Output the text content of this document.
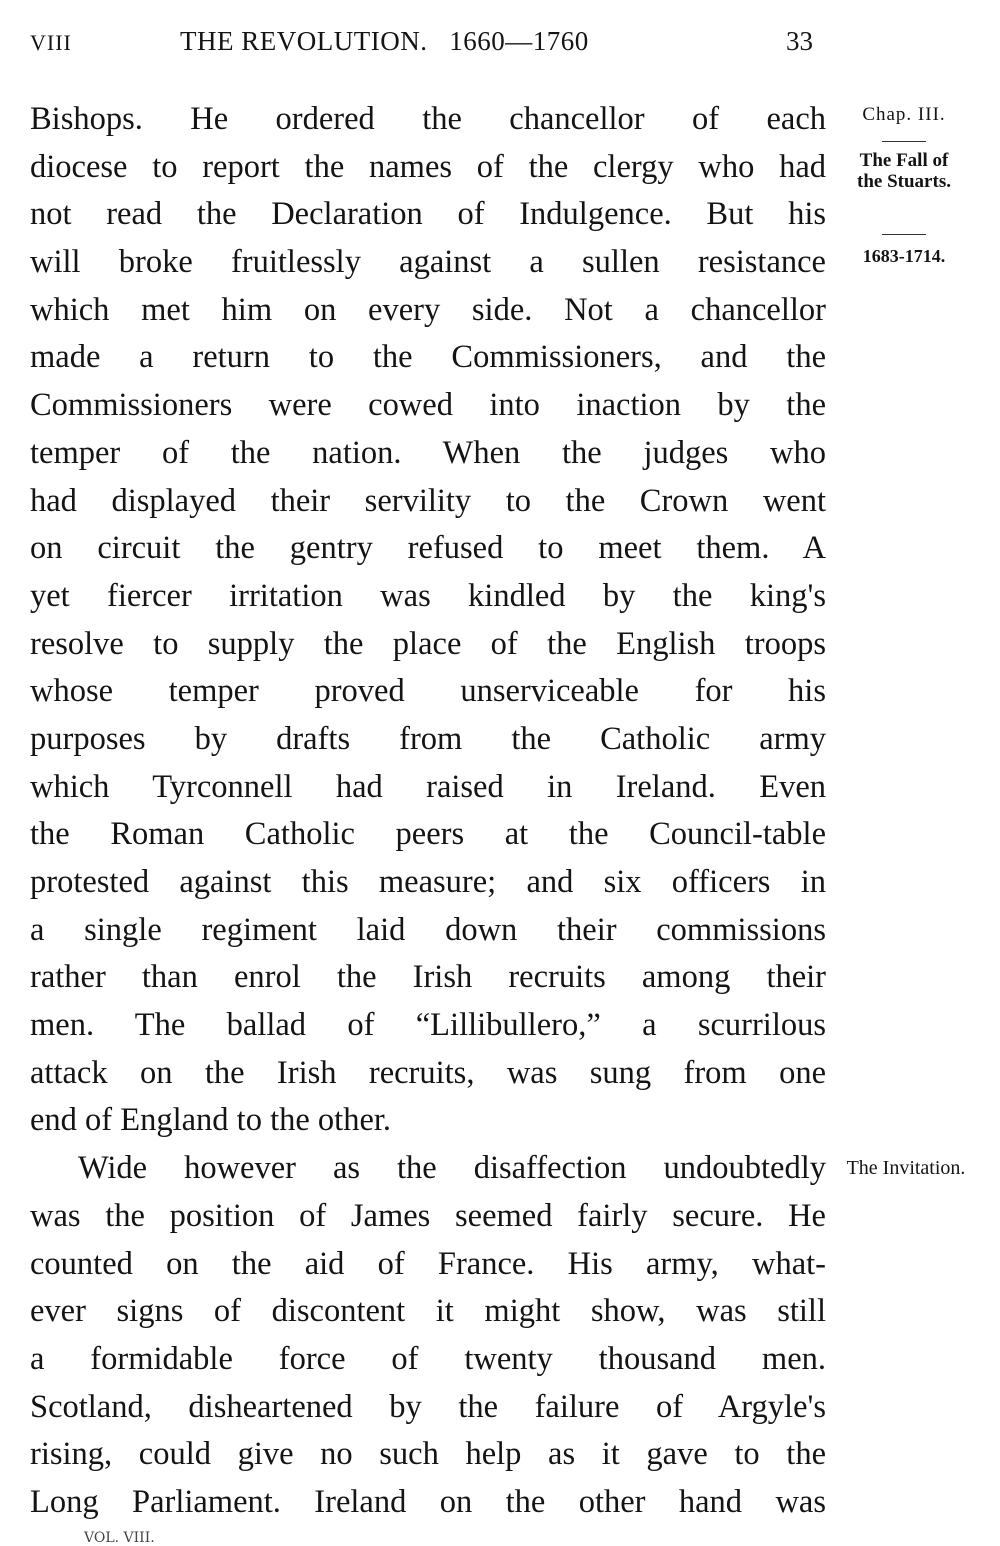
VIII	THE REVOLUTION.   1660—1760	33
Bishops. He ordered the chancellor of each
diocese to report the names of the clergy who had
not read the Declaration of Indulgence. But his
will broke fruitlessly against a sullen resistance
which met him on every side. Not a chancellor
made a return to the Commissioners, and the
Commissioners were cowed into inaction by the
temper of the nation. When the judges who
had displayed their servility to the Crown went
on circuit the gentry refused to meet them. A
yet fiercer irritation was kindled by the king's
resolve to supply the place of the English troops
whose temper proved unserviceable for his
purposes by drafts from the Catholic army
which Tyrconnell had raised in Ireland. Even
the Roman Catholic peers at the Council-table
protested against this measure; and six officers in
a single regiment laid down their commissions
rather than enrol the Irish recruits among their
men. The ballad of “Lillibullero,” a scurrilous
attack on the Irish recruits, was sung from one
end of England to the other.
Wide however as the disaffection undoubtedly
was the position of James seemed fairly secure. He
counted on the aid of France. His army, what-
ever signs of discontent it might show, was still
a formidable force of twenty thousand men.
Scotland, disheartened by the failure of Argyle's
rising, could give no such help as it gave to the
Long Parliament. Ireland on the other hand was
Chap. III.
The Fall of the Stuarts.
1683-1714.
The Invitation.
VOL. VIII.
